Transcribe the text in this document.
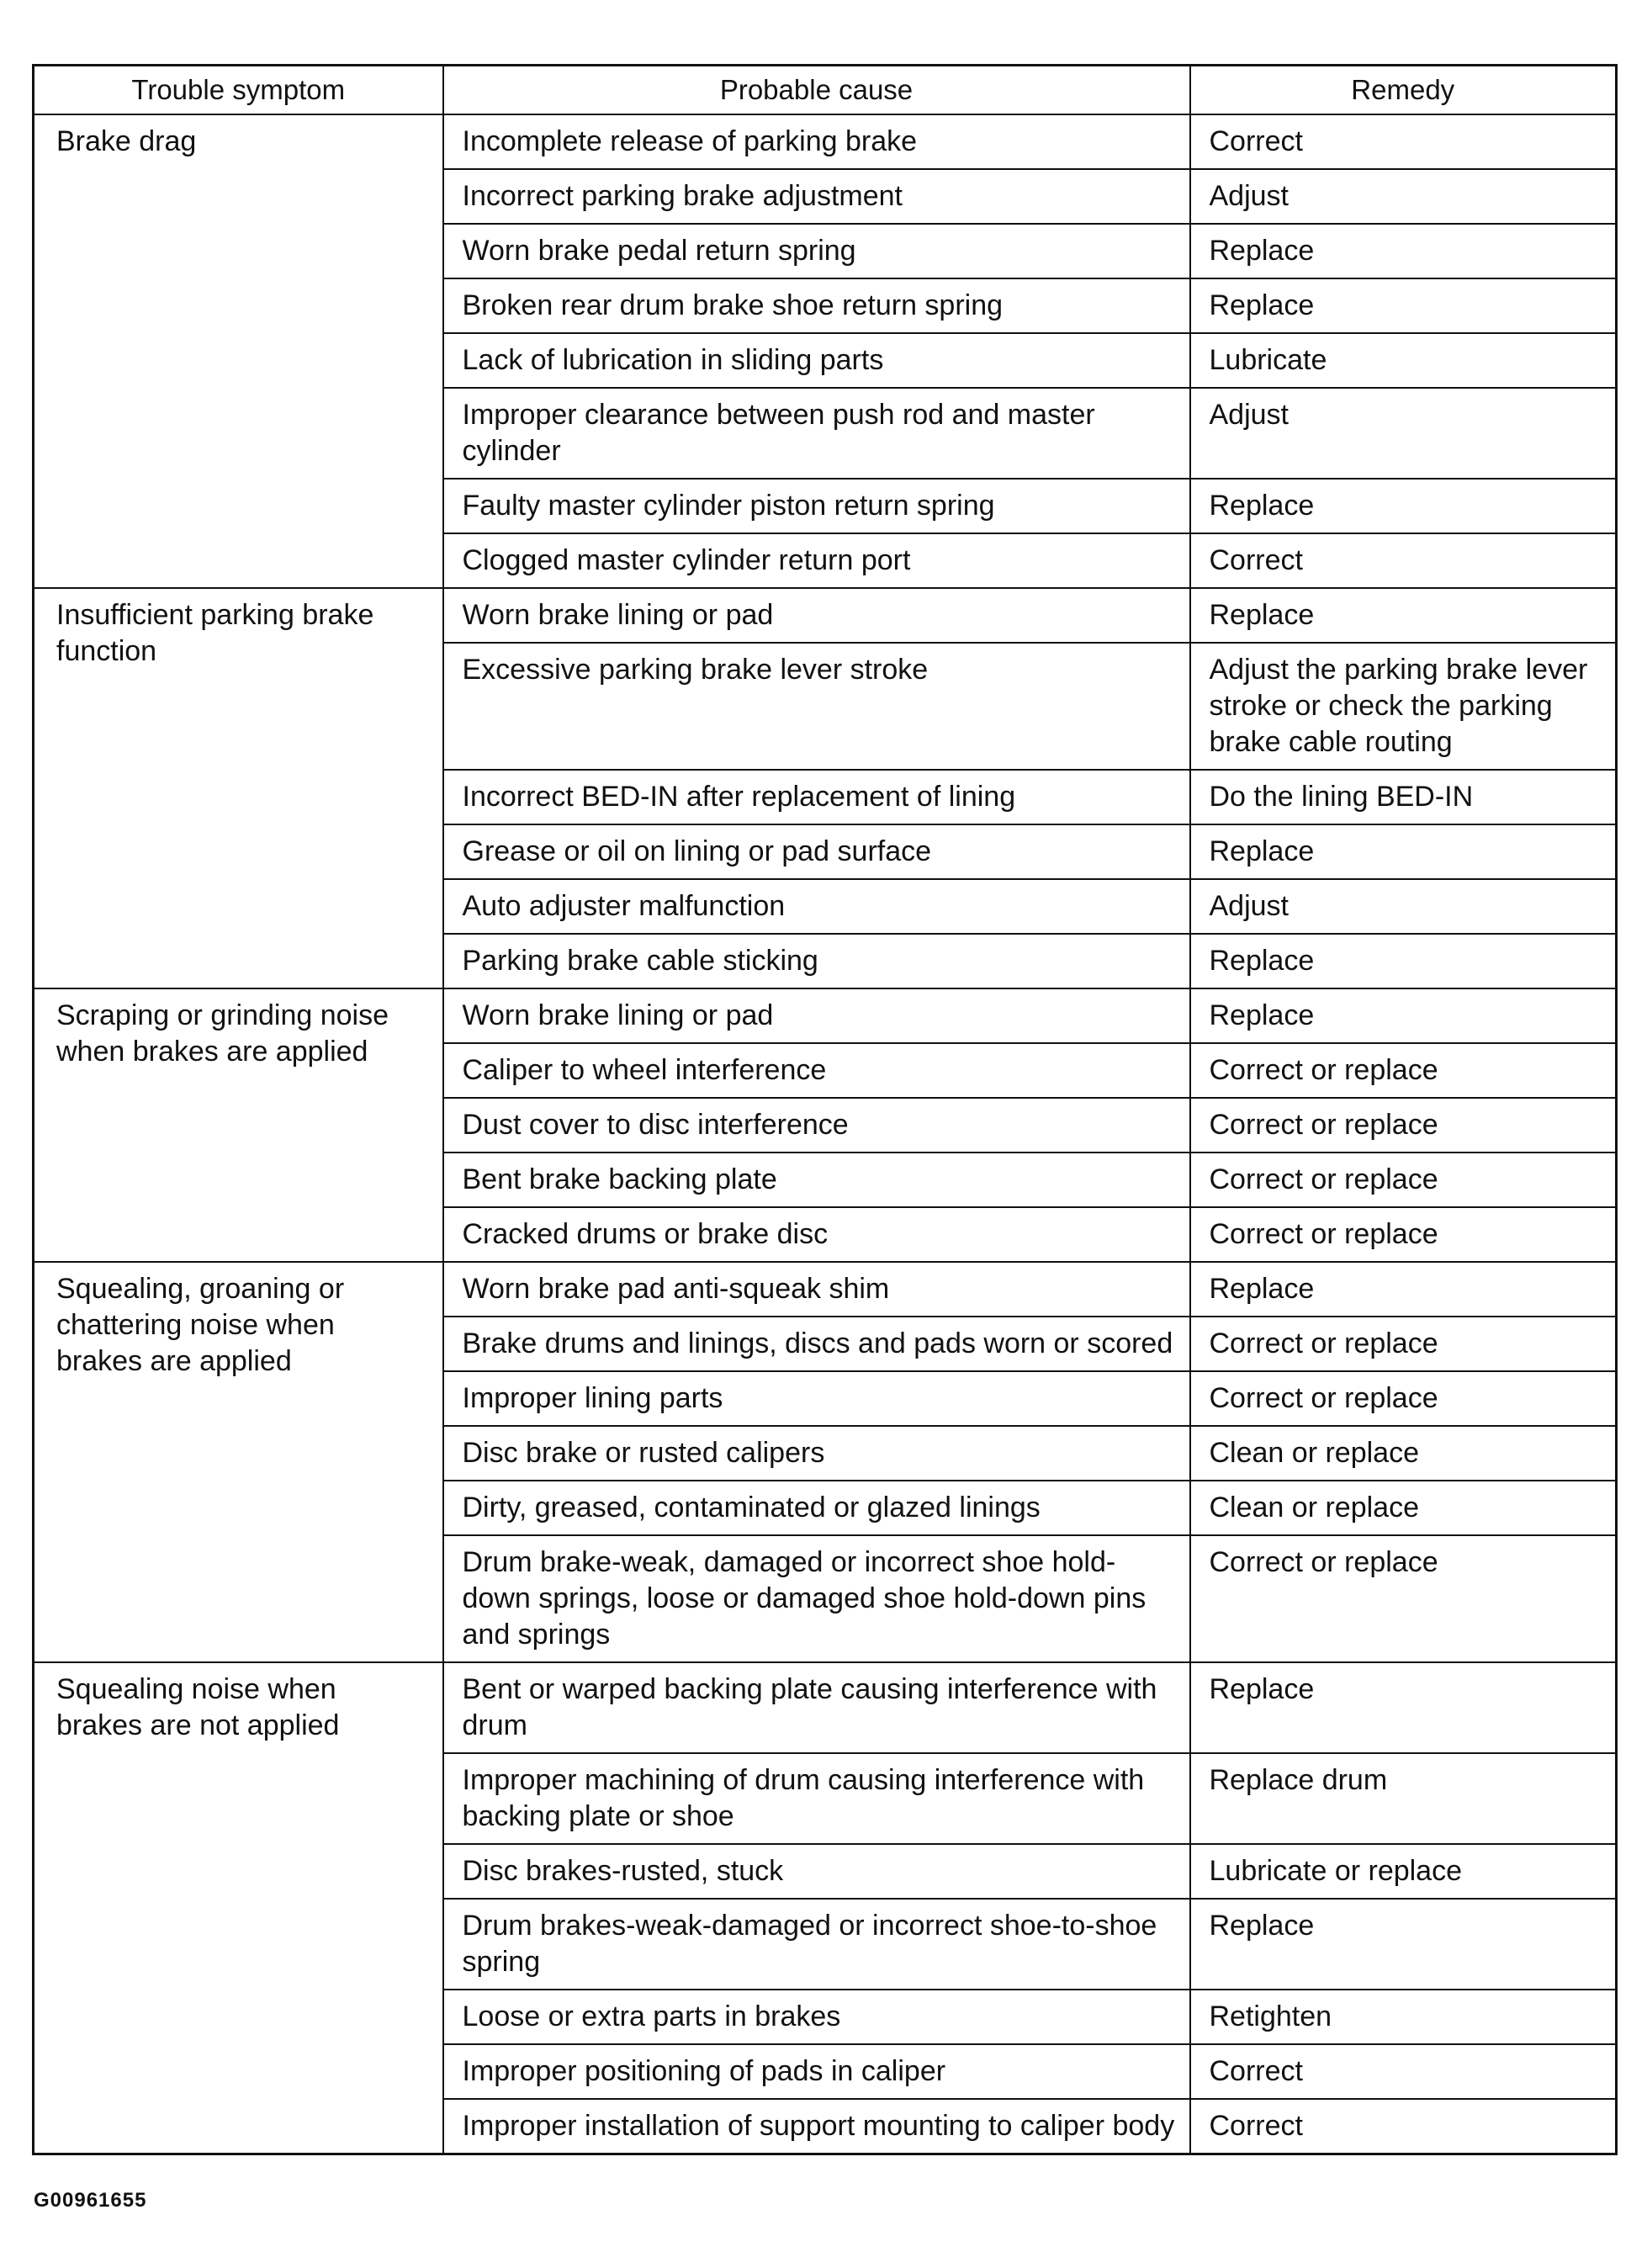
Trouble symptom	Probable cause	Remedy
Brake drag	Incomplete release of parking brake	Correct
	Incorrect parking brake adjustment	Adjust
	Worn brake pedal return spring	Replace
	Broken rear drum brake shoe return spring	Replace
	Lack of lubrication in sliding parts	Lubricate
	Improper clearance between push rod and master cylinder	Adjust
	Faulty master cylinder piston return spring	Replace
	Clogged master cylinder return port	Correct
Insufficient parking brake function	Worn brake lining or pad	Replace
	Excessive parking brake lever stroke	Adjust the parking brake lever stroke or check the parking brake cable routing
	Incorrect BED-IN after replacement of lining	Do the lining BED-IN
	Grease or oil on lining or pad surface	Replace
	Auto adjuster malfunction	Adjust
	Parking brake cable sticking	Replace
Scraping or grinding noise when brakes are applied	Worn brake lining or pad	Replace
	Caliper to wheel interference	Correct or replace
	Dust cover to disc interference	Correct or replace
	Bent brake backing plate	Correct or replace
	Cracked drums or brake disc	Correct or replace
Squealing, groaning or chattering noise when brakes are applied	Worn brake pad anti-squeak shim	Replace
	Brake drums and linings, discs and pads worn or scored	Correct or replace
	Improper lining parts	Correct or replace
	Disc brake or rusted calipers	Clean or replace
	Dirty, greased, contaminated or glazed linings	Clean or replace
	Drum brake-weak, damaged or incorrect shoe hold-down springs, loose or damaged shoe hold-down pins and springs	Correct or replace
Squealing noise when brakes are not applied	Bent or warped backing plate causing interference with drum	Replace
	Improper machining of drum causing interference with backing plate or shoe	Replace drum
	Disc brakes-rusted, stuck	Lubricate or replace
	Drum brakes-weak-damaged or incorrect shoe-to-shoe spring	Replace
	Loose or extra parts in brakes	Retighten
	Improper positioning of pads in caliper	Correct
	Improper installation of support mounting to caliper body	Correct
G00961655
